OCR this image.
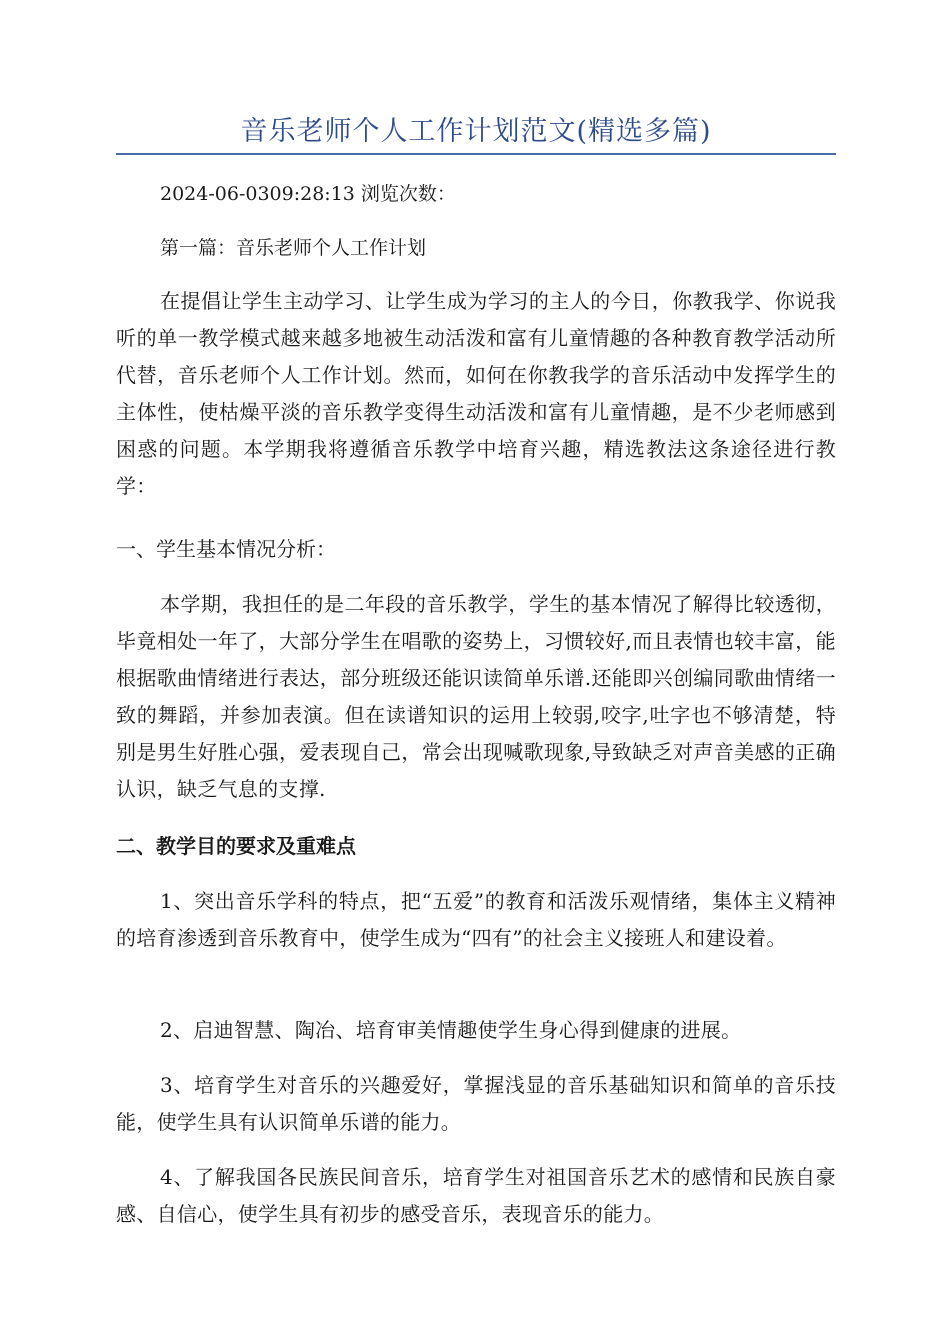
音乐老师个人工作计划范文(精选多篇)
2024-06-0309:28:13 浏览次数：
第一篇：音乐老师个人工作计划
在提倡让学生主动学习、让学生成为学习的主人的今日，你教我学、你说我听的单一教学模式越来越多地被生动活泼和富有儿童情趣的各种教育教学活动所代替，音乐老师个人工作计划。然而，如何在你教我学的音乐活动中发挥学生的主体性，使枯燥平淡的音乐教学变得生动活泼和富有儿童情趣，是不少老师感到困惑的问题。本学期我将遵循音乐教学中培育兴趣，精选教法这条途径进行教学：
一、学生基本情况分析：
本学期，我担任的是二年段的音乐教学，学生的基本情况了解得比较透彻，毕竟相处一年了，大部分学生在唱歌的姿势上，习惯较好,而且表情也较丰富，能根据歌曲情绪进行表达，部分班级还能识读简单乐谱.还能即兴创编同歌曲情绪一致的舞蹈，并参加表演。但在读谱知识的运用上较弱,咬字,吐字也不够清楚，特别是男生好胜心强，爱表现自己，常会出现喊歌现象,导致缺乏对声音美感的正确认识，缺乏气息的支撑.
二、教学目的要求及重难点
1、突出音乐学科的特点，把“五爱”的教育和活泼乐观情绪，集体主义精神的培育渗透到音乐教育中，使学生成为“四有”的社会主义接班人和建设着。
2、启迪智慧、陶冶、培育审美情趣使学生身心得到健康的进展。
3、培育学生对音乐的兴趣爱好，掌握浅显的音乐基础知识和简单的音乐技能，使学生具有认识简单乐谱的能力。
4、了解我国各民族民间音乐，培育学生对祖国音乐艺术的感情和民族自豪感、自信心，使学生具有初步的感受音乐，表现音乐的能力。
